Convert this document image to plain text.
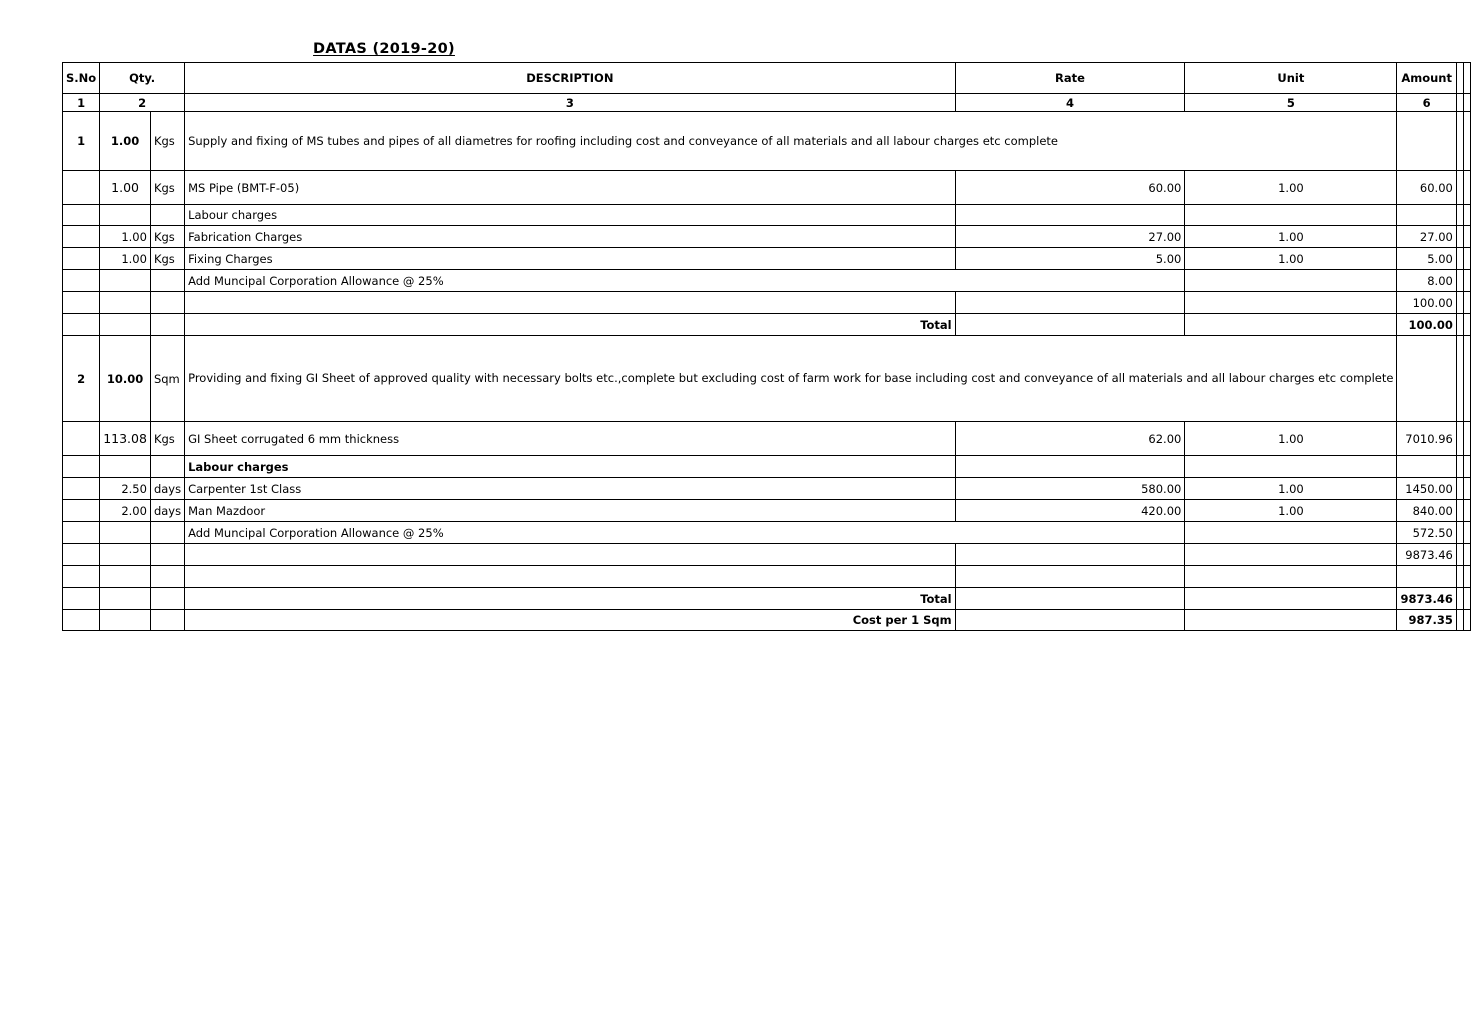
DATAS (2019-20)
S.No	Qty.		DESCRIPTION	Rate	Unit	Amount		
1	2		3	4	5	6		
1	1.00	Kgs	Supply and fixing of MS tubes and pipes of all diametres for roofing including cost and conveyance of all materials and all labour charges etc complete					
	1.00	Kgs	MS Pipe (BMT-F-05)	60.00	1.00	60.00		
			Labour charges					
	1.00	Kgs	Fabrication Charges	27.00	1.00	27.00		
	1.00	Kgs	Fixing Charges	5.00	1.00	5.00		
			Add Muncipal Corporation Allowance @ 25%			8.00		
						100.00		
			Total			100.00		
2	10.00	Sqm	Providing and fixing GI Sheet of approved quality with necessary bolts etc.,complete but excluding cost of farm work for base including cost and conveyance of all materials and all labour charges etc complete					
	113.08	Kgs	GI Sheet corrugated 6 mm thickness	62.00	1.00	7010.96		
			Labour charges					
	2.50	days	Carpenter 1st Class	580.00	1.00	1450.00		
	2.00	days	Man Mazdoor	420.00	1.00	840.00		
			Add Muncipal Corporation Allowance @ 25%			572.50		
						9873.46		

			Total			9873.46		
			Cost per 1 Sqm			987.35		
